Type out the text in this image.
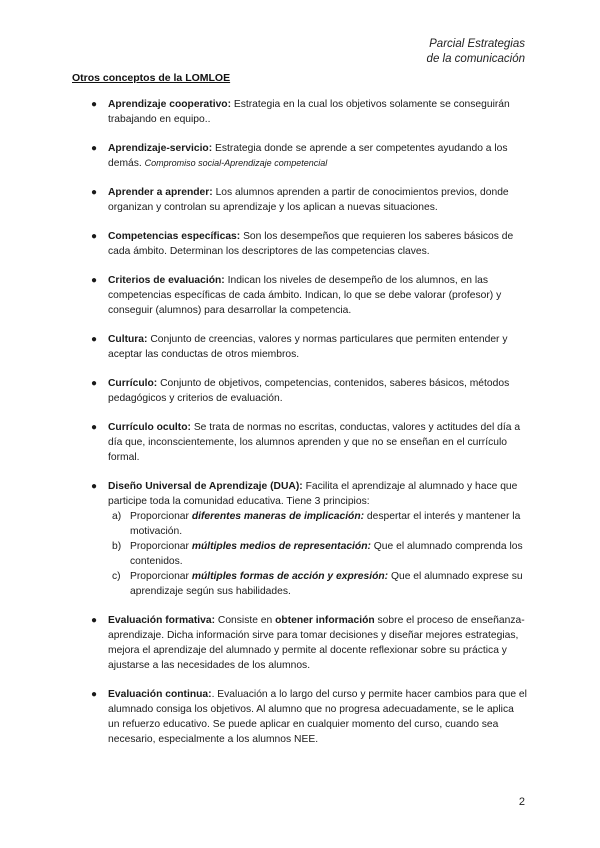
Parcial Estrategias
de la comunicación
Otros conceptos de la LOMLOE
● Aprendizaje cooperativo: Estrategia en la cual los objetivos solamente se conseguirán trabajando en equipo..
● Aprendizaje-servicio: Estrategia donde se aprende a ser competentes ayudando a los demás. Compromiso social-Aprendizaje competencial
● Aprender a aprender: Los alumnos aprenden a partir de conocimientos previos, donde organizan y controlan su aprendizaje y los aplican a nuevas situaciones.
● Competencias específicas: Son los desempeños que requieren los saberes básicos de cada ámbito. Determinan los descriptores de las competencias claves.
● Criterios de evaluación: Indican los niveles de desempeño de los alumnos, en las competencias específicas de cada ámbito. Indican, lo que se debe valorar (profesor) y conseguir (alumnos) para desarrollar la competencia.
● Cultura: Conjunto de creencias, valores y normas particulares que permiten entender y aceptar las conductas de otros miembros.
● Currículo: Conjunto de objetivos, competencias, contenidos, saberes básicos, métodos pedagógicos y criterios de evaluación.
● Currículo oculto: Se trata de normas no escritas, conductas, valores y actitudes del día a día que, inconscientemente, los alumnos aprenden y que no se enseñan en el currículo formal.
● Diseño Universal de Aprendizaje (DUA): Facilita el aprendizaje al alumnado y hace que participe toda la comunidad educativa. Tiene 3 principios:
a) Proporcionar diferentes maneras de implicación: despertar el interés y mantener la motivación.
b) Proporcionar múltiples medios de representación: Que el alumnado comprenda los contenidos.
c) Proporcionar múltiples formas de acción y expresión: Que el alumnado exprese su aprendizaje según sus habilidades.
● Evaluación formativa: Consiste en obtener información sobre el proceso de enseñanza-aprendizaje. Dicha información sirve para tomar decisiones y diseñar mejores estrategias, mejora el aprendizaje del alumnado y permite al docente reflexionar sobre su práctica y ajustarse a las necesidades de los alumnos.
● Evaluación continua:. Evaluación a lo largo del curso y permite hacer cambios para que el alumnado consiga los objetivos. Al alumno que no progresa adecuadamente, se le aplica un refuerzo educativo. Se puede aplicar en cualquier momento del curso, cuando sea necesario, especialmente a los alumnos NEE.
2
